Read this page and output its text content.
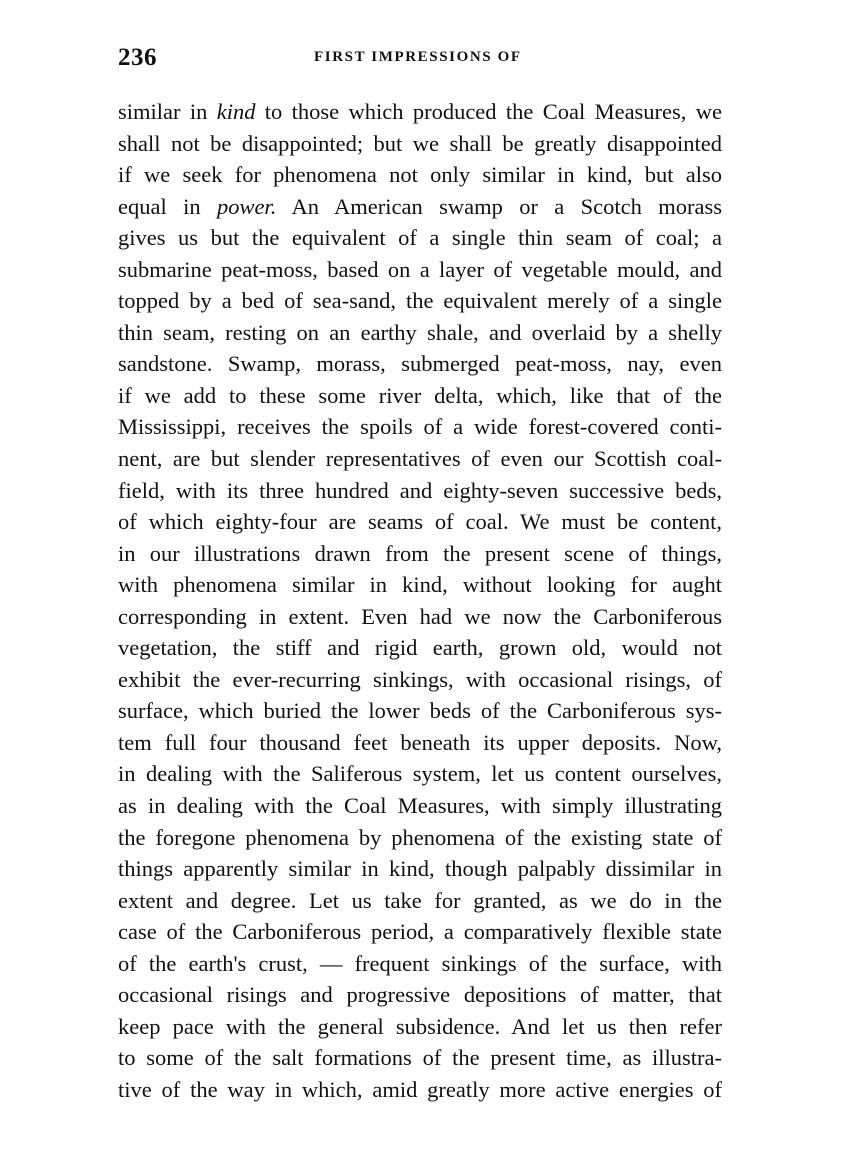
236	FIRST IMPRESSIONS OF
similar in kind to those which produced the Coal Measures, we
shall not be disappointed; but we shall be greatly disappointed
if we seek for phenomena not only similar in kind, but also
equal in power. An American swamp or a Scotch morass
gives us but the equivalent of a single thin seam of coal; a
submarine peat-moss, based on a layer of vegetable mould, and
topped by a bed of sea-sand, the equivalent merely of a single
thin seam, resting on an earthy shale, and overlaid by a shelly
sandstone. Swamp, morass, submerged peat-moss, nay, even
if we add to these some river delta, which, like that of the
Mississippi, receives the spoils of a wide forest-covered conti-
nent, are but slender representatives of even our Scottish coal-
field, with its three hundred and eighty-seven successive beds,
of which eighty-four are seams of coal. We must be content,
in our illustrations drawn from the present scene of things,
with phenomena similar in kind, without looking for aught
corresponding in extent. Even had we now the Carboniferous
vegetation, the stiff and rigid earth, grown old, would not
exhibit the ever-recurring sinkings, with occasional risings, of
surface, which buried the lower beds of the Carboniferous sys-
tem full four thousand feet beneath its upper deposits. Now,
in dealing with the Saliferous system, let us content ourselves,
as in dealing with the Coal Measures, with simply illustrating
the foregone phenomena by phenomena of the existing state of
things apparently similar in kind, though palpably dissimilar in
extent and degree. Let us take for granted, as we do in the
case of the Carboniferous period, a comparatively flexible state
of the earth's crust, — frequent sinkings of the surface, with
occasional risings and progressive depositions of matter, that
keep pace with the general subsidence. And let us then refer
to some of the salt formations of the present time, as illustra-
tive of the way in which, amid greatly more active energies of
